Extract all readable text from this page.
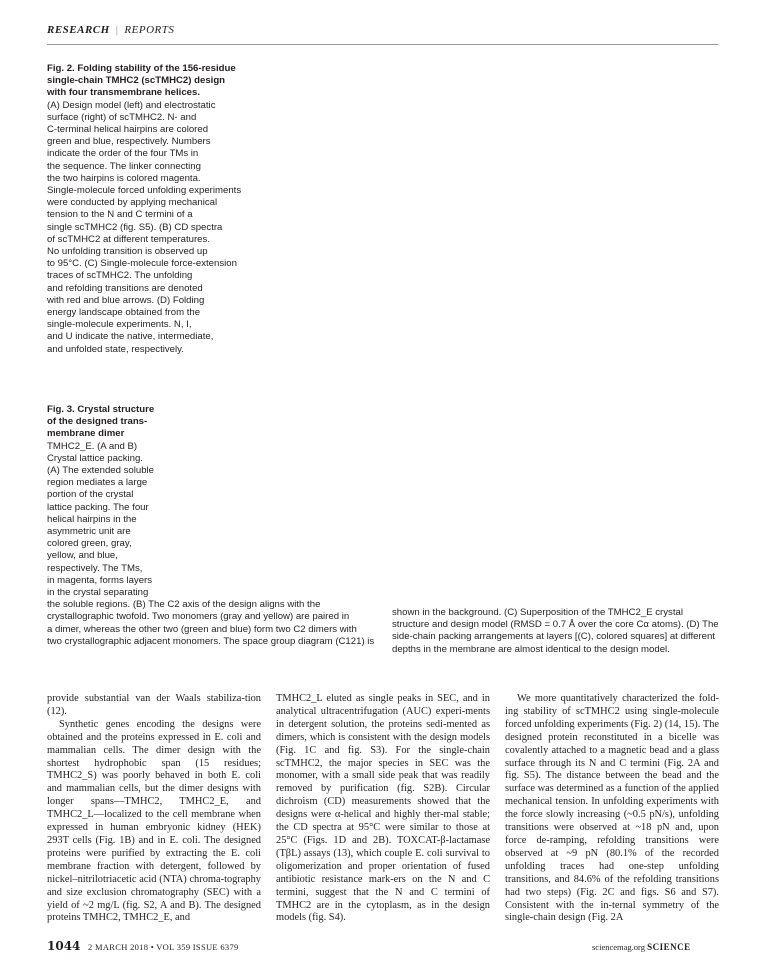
RESEARCH | REPORTS

Fig. 2. Folding stability of the 156-residue

single-chain TMHC2 (scTMHC2) design

with four transmembrane helices.

(A) Design model (left) and electrostatic

surface (right) of scTMHC2. N- and

C-terminal helical hairpins are colored

green and blue, respectively. Numbers

indicate the order of the four TMs in

the sequence. The linker connecting

the two hairpins is colored magenta.

Single-molecule forced unfolding experiments

were conducted by applying mechanical

tension to the N and C termini of a

single scTMHC2 (fig. S5). (B) CD spectra

of scTMHC2 at different temperatures.

No unfolding transition is observed up

to 95°C. (C) Single-molecule force-extension

traces of scTMHC2. The unfolding

and refolding transitions are denoted

with red and blue arrows. (D) Folding

energy landscape obtained from the

single-molecule experiments. N, I,

and U indicate the native, intermediate,

and unfolded state, respectively.

Fig. 3. Crystal structure

of the designed trans-

membrane dimer

TMHC2_E. (A and B)

Crystal lattice packing.

(A) The extended soluble

region mediates a large

portion of the crystal

lattice packing. The four

helical hairpins in the

asymmetric unit are

colored green, gray,

yellow, and blue,

respectively. The TMs,

in magenta, forms layers

in the crystal separating

the soluble regions. (B) The C2 axis of the design aligns with the

crystallographic twofold. Two monomers (gray and yellow) are paired in

a dimer, whereas the other two (green and blue) form two C2 dimers with

two crystallographic adjacent monomers. The space group diagram (C121) is

shown in the background. (C) Superposition of the TMHC2_E crystal

structure and design model (RMSD = 0.7 Å over the core Cα atoms). (D) The

side-chain packing arrangements at layers [(C), colored squares] at different

depths in the membrane are almost identical to the design model.

provide substantial van der Waals stabiliza-tion (12).

Synthetic genes encoding the designs were obtained and the proteins expressed in E. coli and mammalian cells. The dimer design with the shortest hydrophobic span (15 residues; TMHC2_S) was poorly behaved in both E. coli and mammalian cells, but the dimer designs with longer spans—TMHC2, TMHC2_E, and TMHC2_L—localized to the cell membrane when expressed in human embryonic kidney (HEK) 293T cells (Fig. 1B) and in E. coli. The designed proteins were purified by extracting the E. coli membrane fraction with detergent, followed by nickel–nitrilotriacetic acid (NTA) chroma-tography and size exclusion chromatography (SEC) with a yield of ~2 mg/L (fig. S2, A and B). The designed proteins TMHC2, TMHC2_E, and

TMHC2_L eluted as single peaks in SEC, and in analytical ultracentrifugation (AUC) experi-ments in detergent solution, the proteins sedi-mented as dimers, which is consistent with the design models (Fig. 1C and fig. S3). For the single-chain scTMHC2, the major species in SEC was the monomer, with a small side peak that was readily removed by purification (fig. S2B). Circular dichroism (CD) measurements showed that the designs were α-helical and highly ther-mal stable; the CD spectra at 95°C were similar to those at 25°C (Figs. 1D and 2B). TOXCAT-β-lactamase (TβL) assays (13), which couple E. coli survival to oligomerization and proper orientation of fused antibiotic resistance mark-ers on the N and C termini, suggest that the N and C termini of TMHC2 are in the cytoplasm, as in the design models (fig. S4).

We more quantitatively characterized the fold-ing stability of scTMHC2 using single-molecule forced unfolding experiments (Fig. 2) (14, 15). The designed protein reconstituted in a bicelle was covalently attached to a magnetic bead and a glass surface through its N and C termini (Fig. 2A and fig. S5). The distance between the bead and the surface was determined as a function of the applied mechanical tension. In unfolding experiments with the force slowly increasing (~0.5 pN/s), unfolding transitions were observed at ~18 pN and, upon force de-ramping, refolding transitions were observed at ~9 pN (80.1% of the recorded unfolding traces had one-step unfolding transitions, and 84.6% of the refolding transitions had two steps) (Fig. 2C and figs. S6 and S7). Consistent with the in-ternal symmetry of the single-chain design (Fig. 2A

1044 2 MARCH 2018 • VOL 359 ISSUE 6379	sciencemag.org SCIENCE
